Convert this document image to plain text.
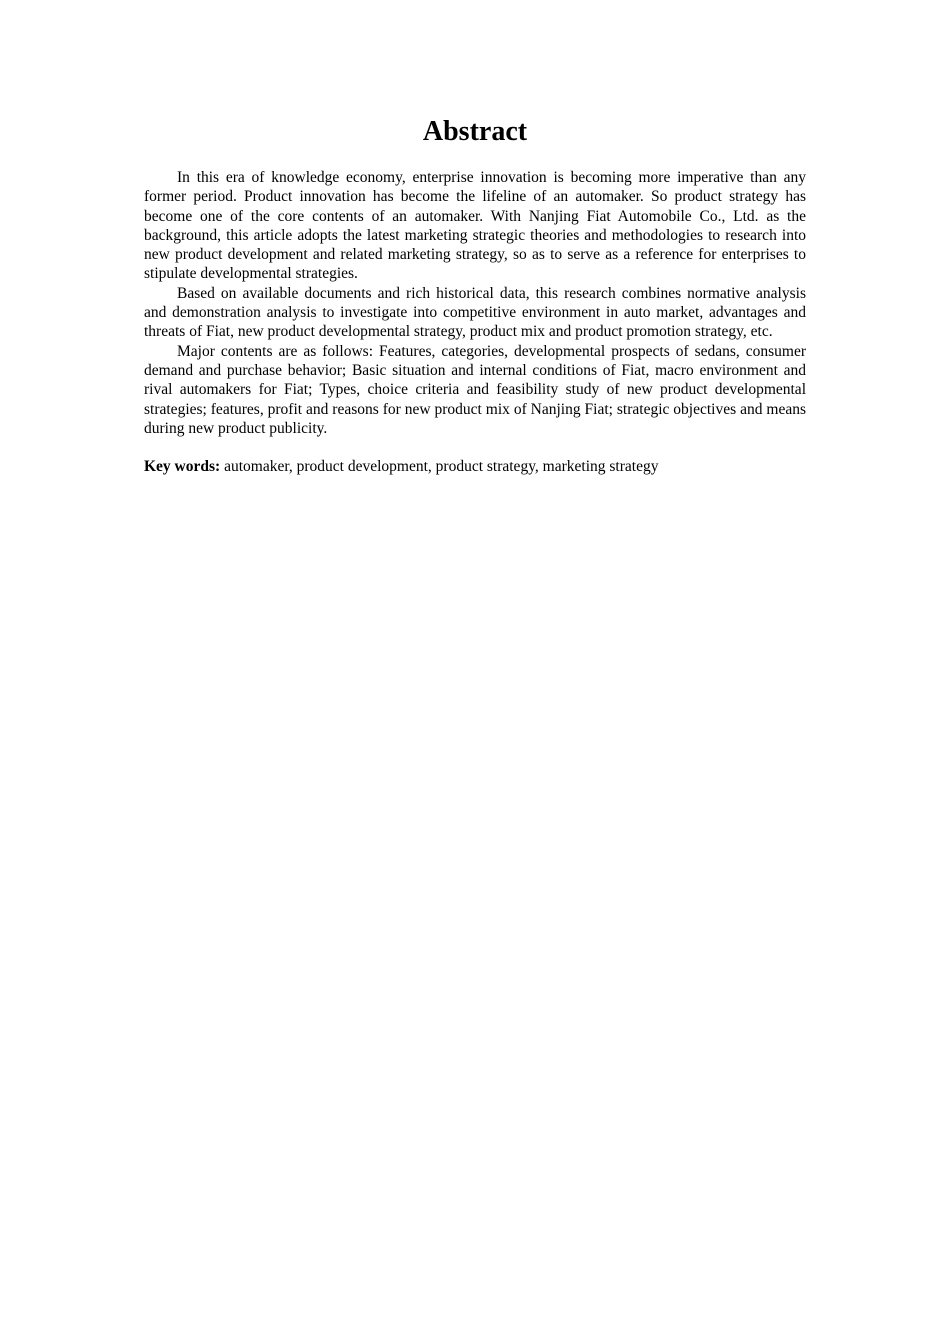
Abstract

In this era of knowledge economy, enterprise innovation is becoming more imperative than any former period. Product innovation has become the lifeline of an automaker. So product strategy has become one of the core contents of an automaker. With Nanjing Fiat Automobile Co., Ltd. as the background, this article adopts the latest marketing strategic theories and methodologies to research into new product development and related marketing strategy, so as to serve as a reference for enterprises to stipulate developmental strategies.

Based on available documents and rich historical data, this research combines normative analysis and demonstration analysis to investigate into competitive environment in auto market, advantages and threats of Fiat, new product developmental strategy, product mix and product promotion strategy, etc.

Major contents are as follows: Features, categories, developmental prospects of sedans, consumer demand and purchase behavior; Basic situation and internal conditions of Fiat, macro environment and rival automakers for Fiat; Types, choice criteria and feasibility study of new product developmental strategies; features, profit and reasons for new product mix of Nanjing Fiat; strategic objectives and means during new product publicity.

Key words: automaker, product development, product strategy, marketing strategy
